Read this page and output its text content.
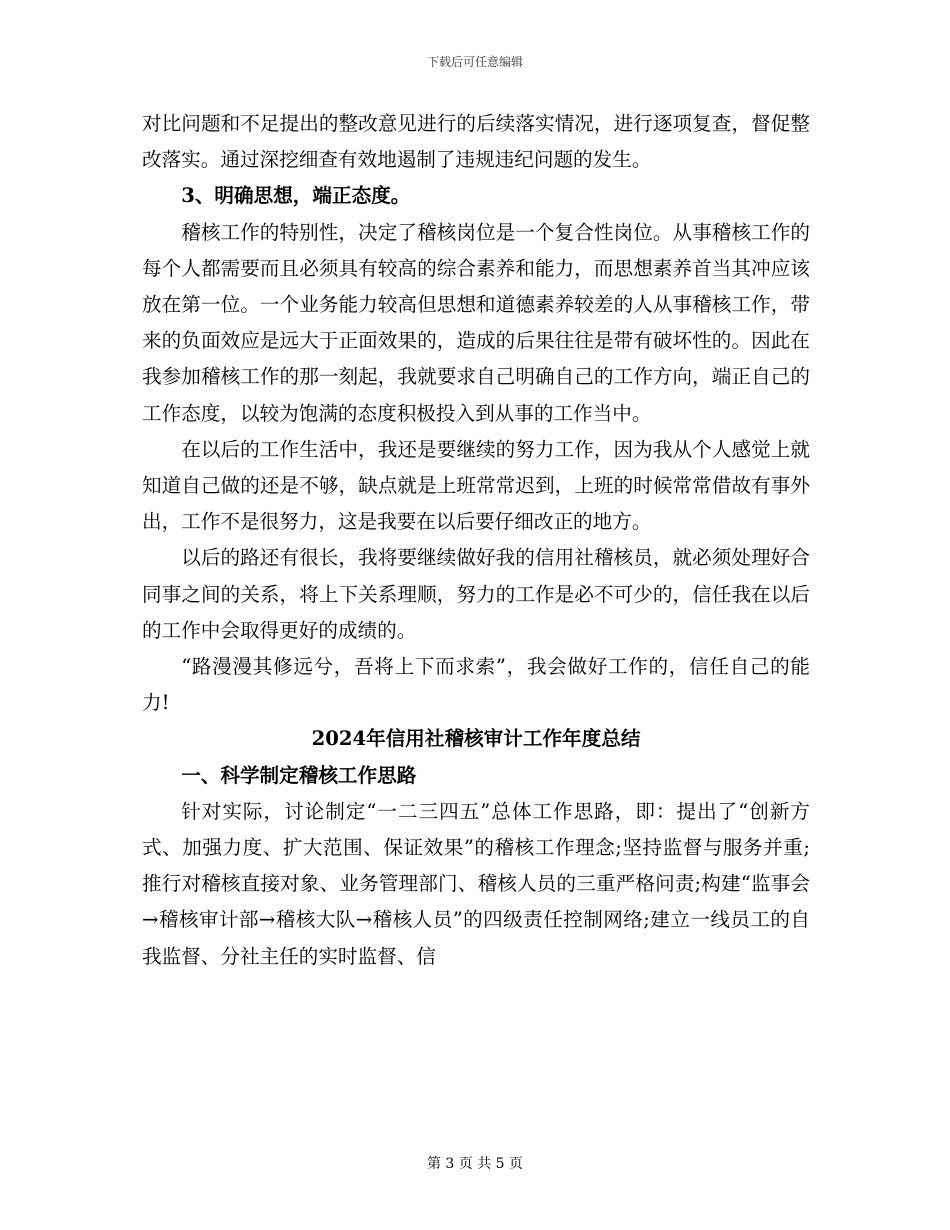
下载后可任意编辑

对比问题和不足提出的整改意见进行的后续落实情况，进行逐项复查，督促整改落实。通过深挖细查有效地遏制了违规违纪问题的发生。

3、明确思想，端正态度。

稽核工作的特别性，决定了稽核岗位是一个复合性岗位。从事稽核工作的每个人都需要而且必须具有较高的综合素养和能力，而思想素养首当其冲应该放在第一位。一个业务能力较高但思想和道德素养较差的人从事稽核工作，带来的负面效应是远大于正面效果的，造成的后果往往是带有破坏性的。因此在我参加稽核工作的那一刻起，我就要求自己明确自己的工作方向，端正自己的工作态度，以较为饱满的态度积极投入到从事的工作当中。

在以后的工作生活中，我还是要继续的努力工作，因为我从个人感觉上就知道自己做的还是不够，缺点就是上班常常迟到，上班的时候常常借故有事外出，工作不是很努力，这是我要在以后要仔细改正的地方。

以后的路还有很长，我将要继续做好我的信用社稽核员，就必须处理好合同事之间的关系，将上下关系理顺，努力的工作是必不可少的，信任我在以后的工作中会取得更好的成绩的。

“路漫漫其修远兮，吾将上下而求索”，我会做好工作的，信任自己的能力!

2024年信用社稽核审计工作年度总结

一、科学制定稽核工作思路

针对实际，讨论制定“一二三四五”总体工作思路，即：提出了“创新方式、加强力度、扩大范围、保证效果”的稽核工作理念;坚持监督与服务并重;推行对稽核直接对象、业务管理部门、稽核人员的三重严格问责;构建“监事会→稽核审计部→稽核大队→稽核人员”的四级责任控制网络;建立一线员工的自我监督、分社主任的实时监督、信

第 3 页 共 5 页
